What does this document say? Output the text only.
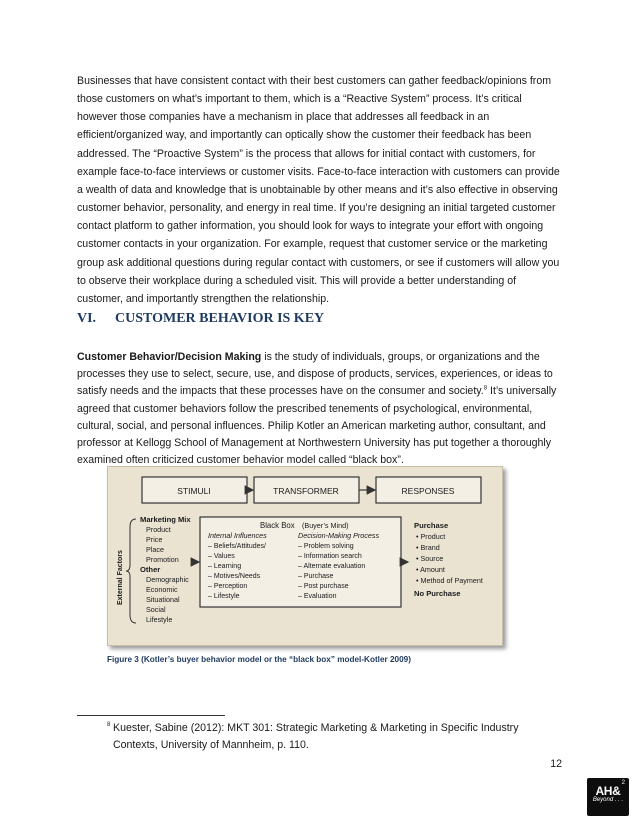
Businesses that have consistent contact with their best customers can gather feedback/opinions from those customers on what’s important to them, which is a “Reactive System” process. It’s critical however those companies have a mechanism in place that addresses all feedback in an efficient/organized way, and importantly can optically show the customer their feedback has been addressed. The “Proactive System” is the process that allows for initial contact with customers, for example face-to-face interviews or customer visits. Face-to-face interaction with customers can provide a wealth of data and knowledge that is unobtainable by other means and it’s also effective in observing customer behavior, personality, and energy in real time. If you’re designing an initial targeted customer contact platform to gather information, you should look for ways to integrate your effort with ongoing customer contacts in your organization. For example, request that customer service or the marketing group ask additional questions during regular contact with customers, or see if customers will allow you to observe their workplace during a scheduled visit. This will provide a better understanding of customer, and importantly strengthen the relationship.

VI. CUSTOMER BEHAVIOR IS KEY

Customer Behavior/Decision Making is the study of individuals, groups, or organizations and the processes they use to select, secure, use, and dispose of products, services, experiences, or ideas to satisfy needs and the impacts that these processes have on the consumer and society.$^8$ It’s universally agreed that customer behaviors follow the prescribed tenements of psychological, environmental, cultural, social, and personal influences. Philip Kotler an American marketing author, consultant, and professor at Kellogg School of Management at Northwestern University has put together a thoroughly examined often criticized customer behavior model called “black box”.

STIMULI	TRANSFORMER	RESPONSES
External Factors
Marketing Mix
Product
Price
Place
Promotion
Other
Demographic
Economic
Situational
Social
Lifestyle
Black Box (Buyer’s Mind)
Internal Influences
– Beliefs/Attitudes/
– Values
– Learning
– Motives/Needs
– Perception
– Lifestyle
Decision-Making Process
– Problem solving
– Information search
– Alternate evaluation
– Purchase
– Post purchase
– Evaluation
Purchase
• Product
• Brand
• Source
• Amount
• Method of Payment
No Purchase
Figure 3 (Kotler’s buyer behavior model or the “black box” model-Kotler 2009)

8 Kuester, Sabine (2012): MKT 301: Strategic Marketing & Marketing in Specific Industry Contexts, University of Mannheim, p. 110.

12
2
AH&
Beyond . . .
